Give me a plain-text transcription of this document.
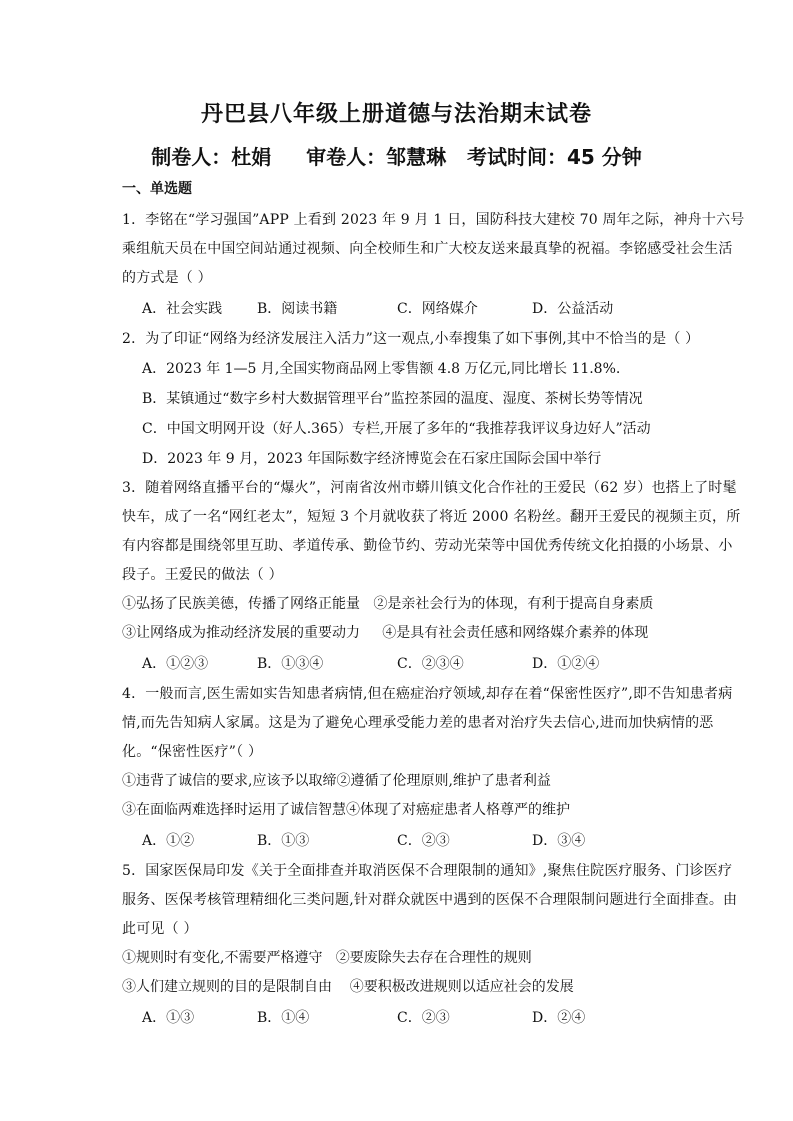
丹巴县八年级上册道德与法治期末试卷
制卷人：杜娟     审卷人：邹慧琳   考试时间：45 分钟
一、单选题
1．李铭在“学习强国”APP 上看到 2023 年 9 月 1 日，国防科技大建校 70 周年之际，神舟十六号乘组航天员在中国空间站通过视频、向全校师生和广大校友送来最真挚的祝福。李铭感受社会生活的方式是（ ）
A．社会实践	B．阅读书籍	C．网络媒介	D．公益活动
2．为了印证“网络为经济发展注入活力”这一观点,小奉搜集了如下事例,其中不恰当的是（ ）
A．2023 年 1—5 月,全国实物商品网上零售额 4.8 万亿元,同比增长 11.8%.
B．某镇通过“数字乡村大数据管理平台”监控茶园的温度、湿度、茶树长势等情况
C．中国文明网开设（好人.365）专栏,开展了多年的“我推荐我评议身边好人”活动
D．2023 年 9 月，2023 年国际数字经济博览会在石家庄国际会国中举行
3．随着网络直播平台的“爆火”，河南省汝州市蟒川镇文化合作社的王爱民（62 岁）也搭上了时髦快车，成了一名“网红老太”，短短 3 个月就收获了将近 2000 名粉丝。翻开王爱民的视频主页，所有内容都是围绕邻里互助、孝道传承、勤俭节约、劳动光荣等中国优秀传统文化拍摄的小场景、小段子。王爱民的做法（ ）
①弘扬了民族美德，传播了网络正能量   ②是亲社会行为的体现，有利于提高自身素质
③让网络成为推动经济发展的重要动力     ④是具有社会责任感和网络媒介素养的体现
A．①②③	B．①③④	C．②③④	D．①②④
4．一般而言,医生需如实告知患者病情,但在癌症治疗领域,却存在着“保密性医疗”,即不告知患者病情,而先告知病人家属。这是为了避免心理承受能力差的患者对治疗失去信心,进而加快病情的恶化。“保密性医疗”（ ）
①违背了诚信的要求,应该予以取缔②遵循了伦理原则,维护了患者利益
③在面临两难选择时运用了诚信智慧④体现了对癌症患者人格尊严的维护
A．①②	B．①③	C．②③	D．③④
5．国家医保局印发《关于全面排查并取消医保不合理限制的通知》,聚焦住院医疗服务、门诊医疗服务、医保考核管理精细化三类问题,针对群众就医中遇到的医保不合理限制问题进行全面排查。由此可见（ ）
①规则时有变化,不需要严格遵守   ②要废除失去存在合理性的规则
③人们建立规则的目的是限制自由    ④要积极改进规则以适应社会的发展
A．①③	B．①④	C．②③	D．②④
